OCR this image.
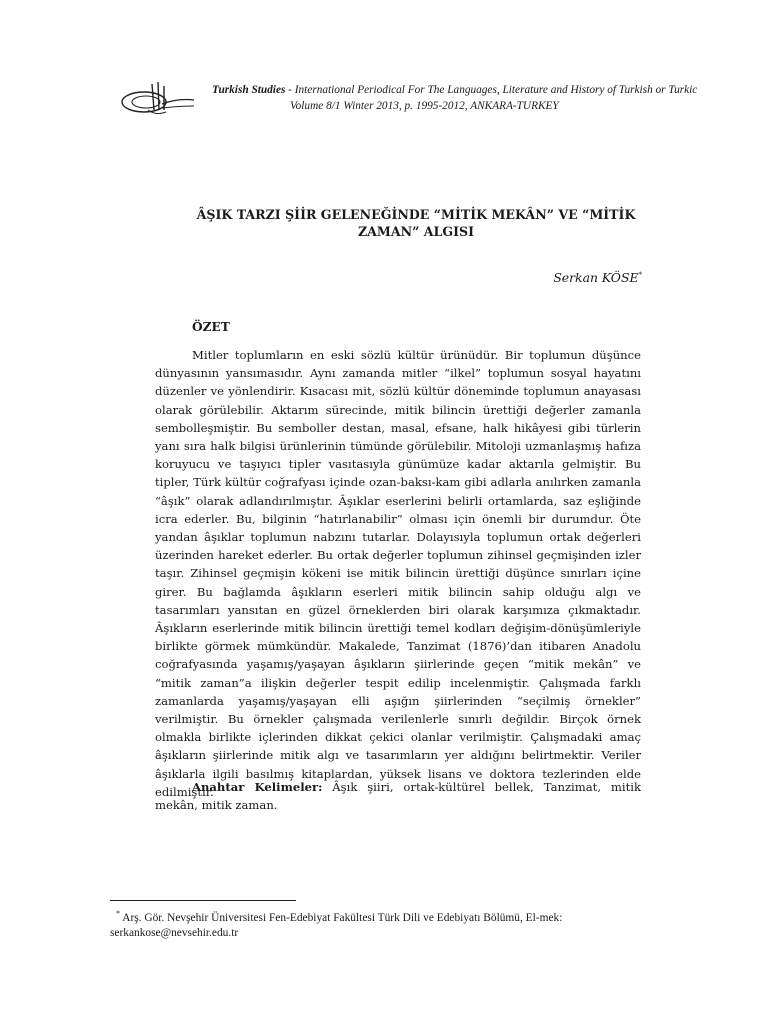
Turkish Studies - International Periodical For The Languages, Literature and History of Turkish or Turkic
Volume 8/1 Winter 2013, p. 1995-2012, ANKARA-TURKEY
ÂŞIK TARZI ŞİİR GELENEĞİNDE “MİTİK MEKÂN” VE “MİTİK
ZAMAN” ALGISI
Serkan KÖSE*
ÖZET

Mitler toplumların en eski sözlü kültür ürünüdür. Bir toplumun düşünce dünyasının yansımasıdır. Aynı zamanda mitler “ilkel” toplumun sosyal hayatını düzenler ve yönlendirir. Kısacası mit, sözlü kültür döneminde toplumun anayasası olarak görülebilir. Aktarım sürecinde, mitik bilincin ürettiği değerler zamanla sembolleşmiştir. Bu semboller destan, masal, efsane, halk hikâyesi gibi türlerin yanı sıra halk bilgisi ürünlerinin tümünde görülebilir. Mitoloji uzmanlaşmış hafıza koruyucu ve taşıyıcı tipler vasıtasıyla günümüze kadar aktarıla gelmiştir. Bu tipler, Türk kültür coğrafyası içinde ozan-baksı-kam gibi adlarla anılırken zamanla “âşık” olarak adlandırılmıştır. Âşıklar eserlerini belirli ortamlarda, saz eşliğinde icra ederler. Bu, bilginin “hatırlanabilir” olması için önemli bir durumdur. Öte yandan âşıklar toplumun nabzını tutarlar. Dolayısıyla toplumun ortak değerleri üzerinden hareket ederler. Bu ortak değerler toplumun zihinsel geçmişinden izler taşır. Zihinsel geçmişin kökeni ise mitik bilincin ürettiği düşünce sınırları içine girer. Bu bağlamda âşıkların eserleri mitik bilincin sahip olduğu algı ve tasarımları yansıtan en güzel örneklerden biri olarak karşımıza çıkmaktadır. Âşıkların eserlerinde mitik bilincin ürettiği temel kodları değişim-dönüşümleriyle birlikte görmek mümkündür. Makalede, Tanzimat (1876)’dan itibaren Anadolu coğrafyasında yaşamış/yaşayan âşıkların şiirlerinde geçen “mitik mekân” ve “mitik zaman”a ilişkin değerler tespit edilip incelenmiştir. Çalışmada farklı zamanlarda yaşamış/yaşayan elli aşığın şiirlerinden “seçilmiş örnekler” verilmiştir. Bu örnekler çalışmada verilenlerle sınırlı değildir. Birçok örnek olmakla birlikte içlerinden dikkat çekici olanlar verilmiştir. Çalışmadaki amaç âşıkların şiirlerinde mitik algı ve tasarımların yer aldığını belirtmektir. Veriler âşıklarla ilgili basılmış kitaplardan, yüksek lisans ve doktora tezlerinden elde edilmiştir.

Anahtar Kelimeler: Âşık şiiri, ortak-kültürel bellek, Tanzimat, mitik mekân, mitik zaman.

* Arş. Gör. Nevşehir Üniversitesi Fen-Edebiyat Fakültesi Türk Dili ve Edebiyatı Bölümü, El-mek:
serkankose@nevsehir.edu.tr
